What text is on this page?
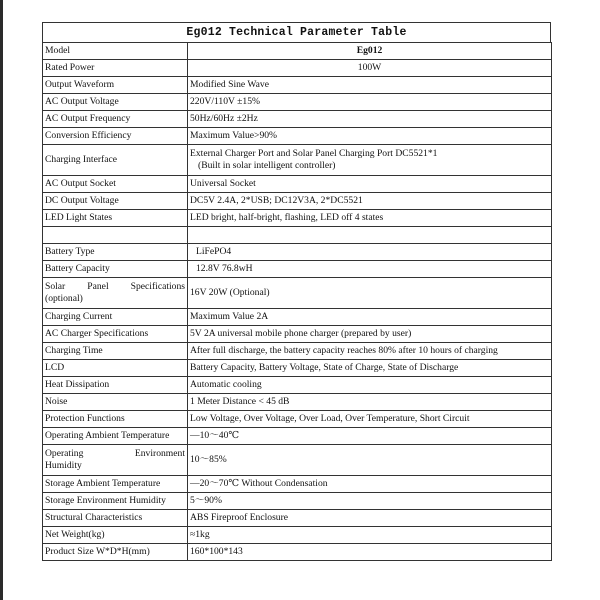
Eg012 Technical Parameter Table
Model	Eg012
Rated Power	100W
Output Waveform	Modified Sine Wave
AC Output Voltage	220V/110V ±15%
AC Output Frequency	50Hz/60Hz ±2Hz
Conversion Efficiency	Maximum Value>90%
Charging Interface	External Charger Port and Solar Panel Charging Port DC5521*1
(Built in solar intelligent controller)

AC Output Socket	Universal Socket
DC Output Voltage	DC5V 2.4A, 2*USB; DC12V3A, 2*DC5521
LED Light States	LED bright, half-bright, flashing, LED off 4 states

Battery Type	LiFePO4
Battery Capacity	12.8V 76.8wH

Solar Panel Specifications
(optional)	16V 20W (Optional)
Charging Current	Maximum Value 2A
AC Charger Specifications	5V 2A universal mobile phone charger (prepared by user)
Charging Time	After full discharge, the battery capacity reaches 80% after 10 hours of charging
LCD	Battery Capacity, Battery Voltage, State of Charge, State of Discharge
Heat Dissipation	Automatic cooling
Noise	1 Meter Distance < 45 dB
Protection Functions	Low Voltage, Over Voltage, Over Load, Over Temperature, Short Circuit
Operating Ambient Temperature	—10～40℃

Operating Environment
Humidity	10～85%
Storage Ambient Temperature	—20～70℃ Without Condensation
Storage Environment Humidity	5～90%
Structural Characteristics	ABS Fireproof Enclosure
Net Weight(kg)	≈1kg
Product Size W*D*H(mm)	160*100*143
